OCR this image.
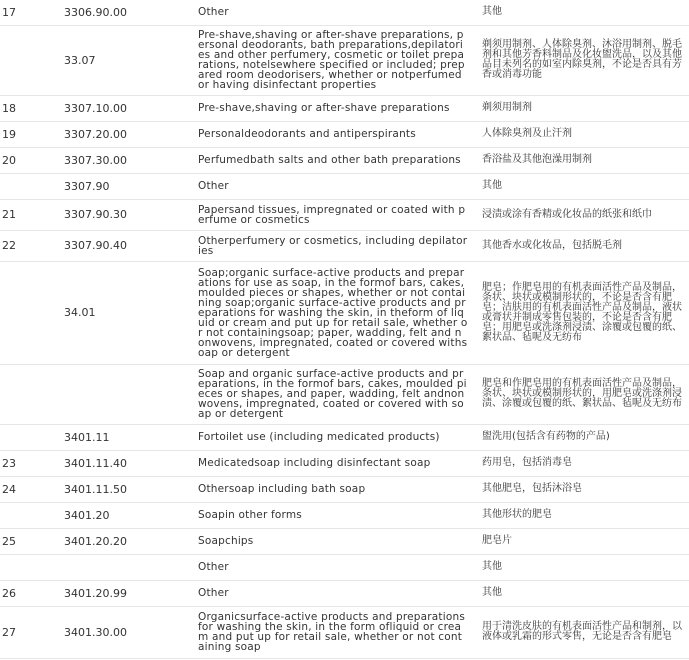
17	3306.90.00	Other	其他
	33.07	Pre-shave,shaving or after-shave preparations, personal deodorants, bath preparations,depilatories and other perfumery, cosmetic or toilet preparations, notelsewhere specified or included; prepared room deodorisers, whether or notperfumed or having disinfectant properties	剃须用制剂、人体除臭剂、沐浴用制剂、脱毛剂和其他芳香料制品及化妆盥洗品，以及其他品目未列名的如室内除臭剂，不论是否具有芳香或消毒功能
18	3307.10.00	Pre-shave,shaving or after-shave preparations	剃须用制剂
19	3307.20.00	Personaldeodorants and antiperspirants	人体除臭剂及止汗剂
20	3307.30.00	Perfumedbath salts and other bath preparations	香浴盐及其他泡澡用制剂
	3307.90	Other	其他
21	3307.90.30	Papersand tissues, impregnated or coated with perfume or cosmetics	浸渍或涂有香精或化妆品的纸张和纸巾
22	3307.90.40	Otherperfumery or cosmetics, including depilatories	其他香水或化妆品，包括脱毛剂
	34.01	Soap;organic surface-active products and preparations for use as soap, in the formof bars, cakes, moulded pieces or shapes, whether or not containing soap;organic surface-active products and preparations for washing the skin, in theform of liquid or cream and put up for retail sale, whether or not containingsoap; paper, wadding, felt and nonwovens, impregnated, coated or covered withsoap or detergent	肥皂；作肥皂用的有机表面活性产品及制品，条状、块状或模制形状的，不论是否含有肥皂；洁肤用的有机表面活性产品及制品，液状或膏状并制成零售包装的，不论是否含有肥皂；用肥皂或洗涤剂浸渍、涂覆或包覆的纸、絮状品、毡呢及无纺布
		Soap and organic surface-active products and preparations, in the formof bars, cakes, moulded pieces or shapes, and paper, wadding, felt andnonwovens, impregnated, coated or covered with soap or detergent	肥皂和作肥皂用的有机表面活性产品及制品，条状、块状或模制形状的，用肥皂或洗涤剂浸渍、涂覆或包覆的纸、絮状品、毡呢及无纺布
	3401.11	Fortoilet use (including medicated products)	盥洗用(包括含有药物的产品)
23	3401.11.40	Medicatedsoap including disinfectant soap	药用皂，包括消毒皂
24	3401.11.50	Othersoap including bath soap	其他肥皂，包括沐浴皂
	3401.20	Soapin other forms	其他形状的肥皂
25	3401.20.20	Soapchips	肥皂片
		Other	其他
26	3401.20.99	Other	其他
27	3401.30.00	Organicsurface-active products and preparations for washing the skin, in the form ofliquid or cream and put up for retail sale, whether or not containing soap	用于清洗皮肤的有机表面活性产品和制剂，以液体或乳霜的形式零售，无论是否含有肥皂
